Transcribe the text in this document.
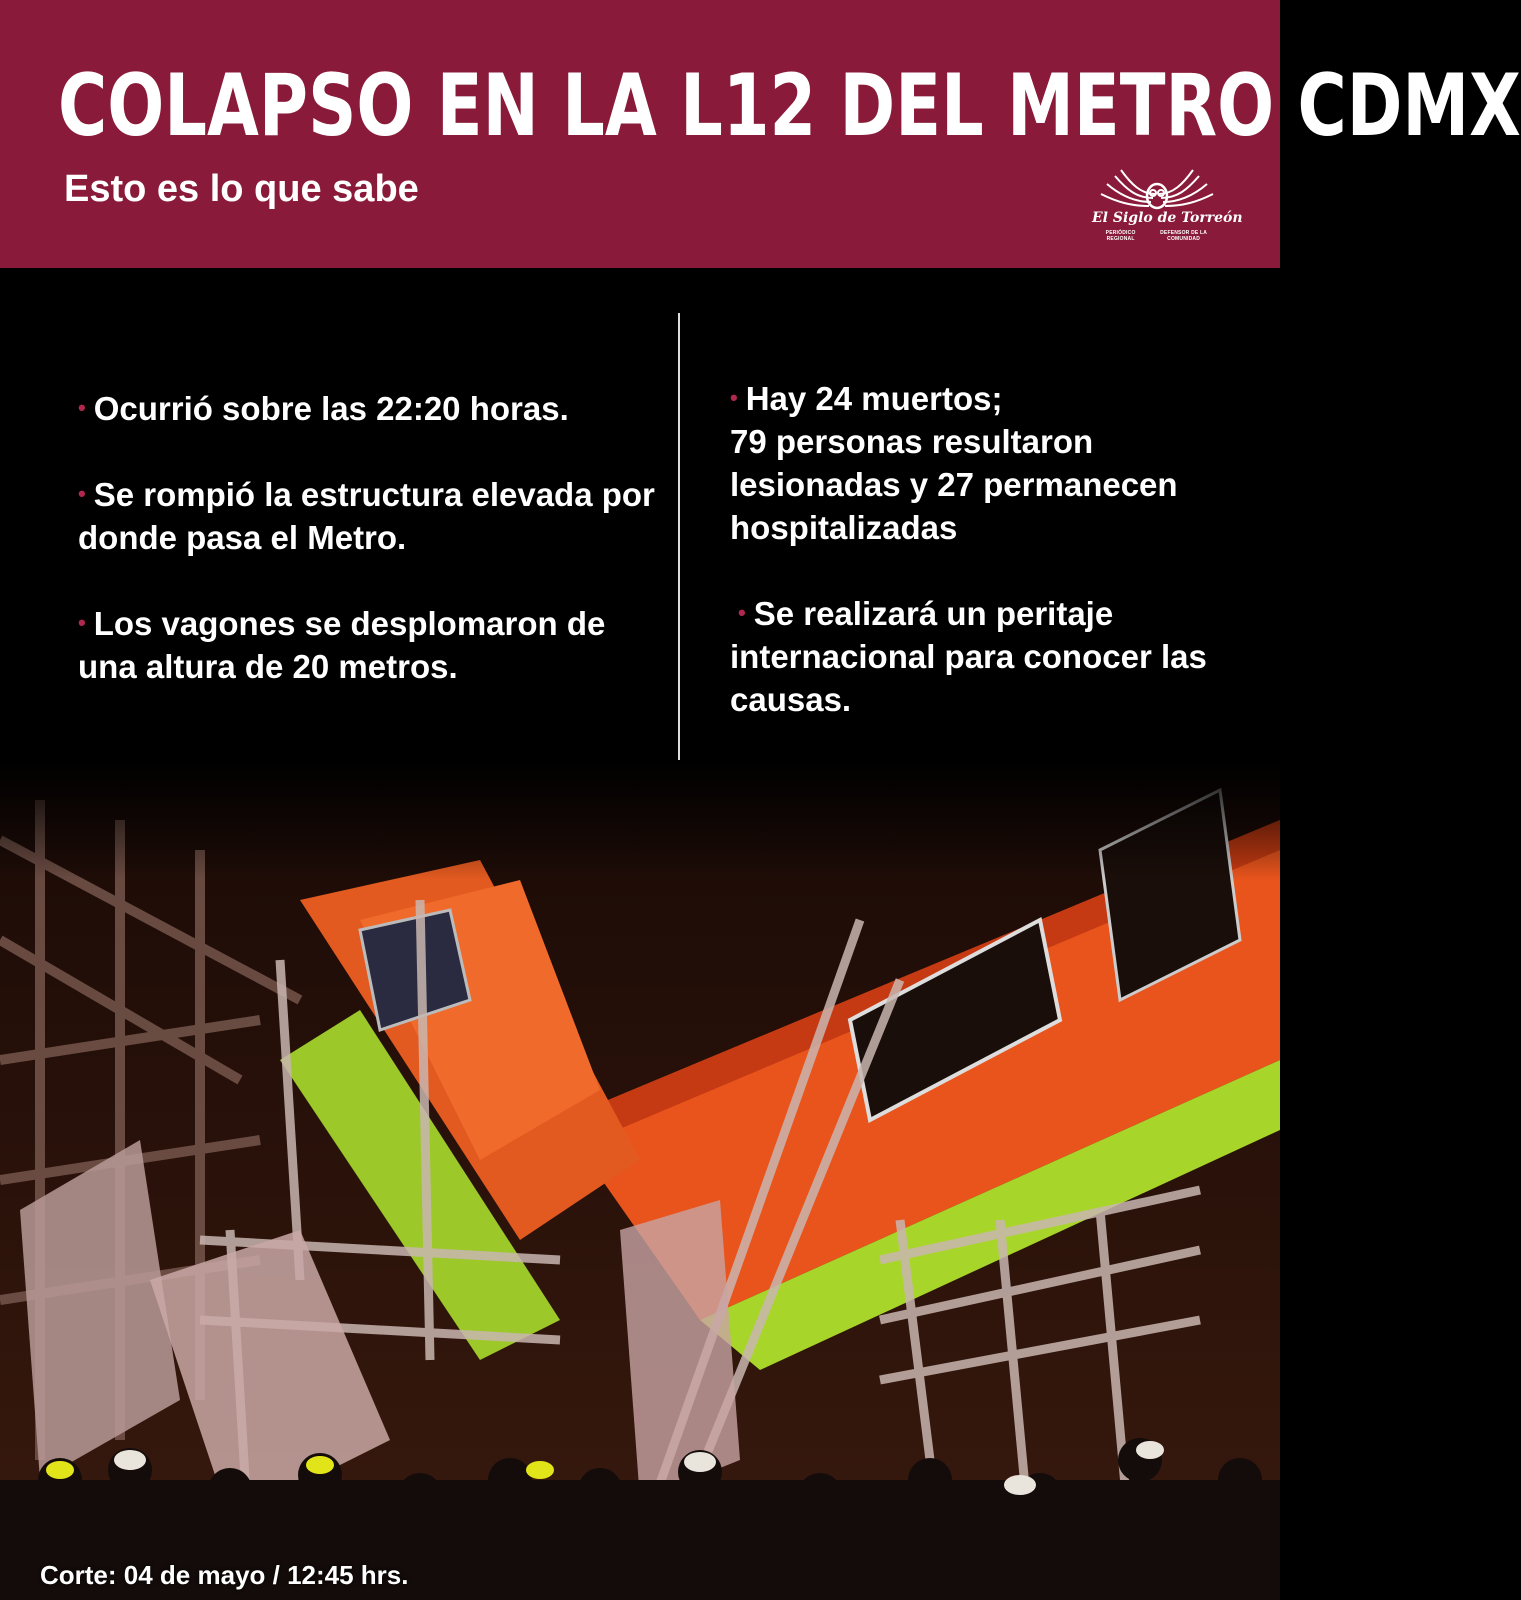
COLAPSO EN LA L12 DEL METRO CDMX
Esto es lo que sabe
El Siglo de Torreón
PERIÓDICO REGIONAL
DEFENSOR DE LA COMUNIDAD
• Ocurrió sobre las 22:20 horas.
• Se rompió la estructura elevada por donde pasa el Metro.
• Los vagones se desplomaron de una altura de 20 metros.
• Hay 24 muertos;
79 personas resultaron lesionadas y 27 permanecen hospitalizadas
• Se realizará un peritaje internacional para conocer las causas.
Corte: 04 de mayo / 12:45 hrs.
